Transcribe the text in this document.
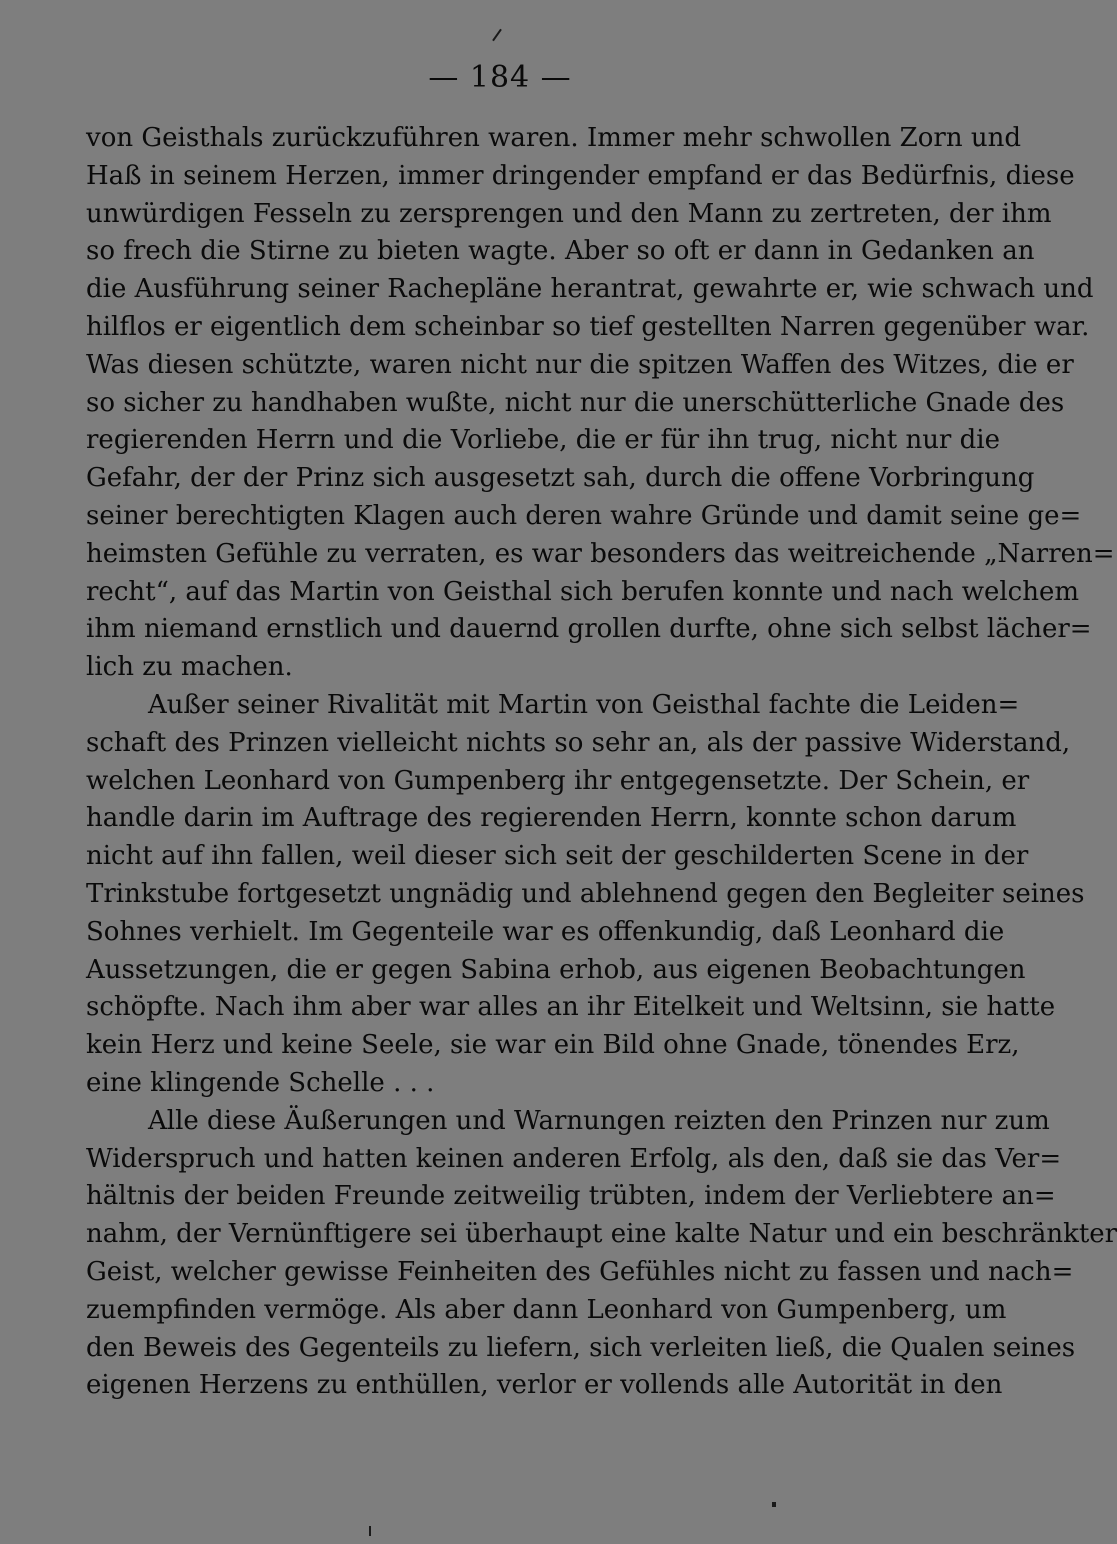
— 184 —
von Geisthals zurückzuführen waren. Immer mehr schwollen Zorn und
Haß in seinem Herzen, immer dringender empfand er das Bedürfnis, diese
unwürdigen Fesseln zu zersprengen und den Mann zu zertreten, der ihm
so frech die Stirne zu bieten wagte. Aber so oft er dann in Gedanken an
die Ausführung seiner Rachepläne herantrat, gewahrte er, wie schwach und
hilflos er eigentlich dem scheinbar so tief gestellten Narren gegenüber war.
Was diesen schützte, waren nicht nur die spitzen Waffen des Witzes, die er
so sicher zu handhaben wußte, nicht nur die unerschütterliche Gnade des
regierenden Herrn und die Vorliebe, die er für ihn trug, nicht nur die
Gefahr, der der Prinz sich ausgesetzt sah, durch die offene Vorbringung
seiner berechtigten Klagen auch deren wahre Gründe und damit seine ge=
heimsten Gefühle zu verraten, es war besonders das weitreichende „Narren=
recht“, auf das Martin von Geisthal sich berufen konnte und nach welchem
ihm niemand ernstlich und dauernd grollen durfte, ohne sich selbst lächer=
lich zu machen.
Außer seiner Rivalität mit Martin von Geisthal fachte die Leiden=
schaft des Prinzen vielleicht nichts so sehr an, als der passive Widerstand,
welchen Leonhard von Gumpenberg ihr entgegensetzte. Der Schein, er
handle darin im Auftrage des regierenden Herrn, konnte schon darum
nicht auf ihn fallen, weil dieser sich seit der geschilderten Scene in der
Trinkstube fortgesetzt ungnädig und ablehnend gegen den Begleiter seines
Sohnes verhielt. Im Gegenteile war es offenkundig, daß Leonhard die
Aussetzungen, die er gegen Sabina erhob, aus eigenen Beobachtungen
schöpfte. Nach ihm aber war alles an ihr Eitelkeit und Weltsinn, sie hatte
kein Herz und keine Seele, sie war ein Bild ohne Gnade, tönendes Erz,
eine klingende Schelle . . .
Alle diese Äußerungen und Warnungen reizten den Prinzen nur zum
Widerspruch und hatten keinen anderen Erfolg, als den, daß sie das Ver=
hältnis der beiden Freunde zeitweilig trübten, indem der Verliebtere an=
nahm, der Vernünftigere sei überhaupt eine kalte Natur und ein beschränkter
Geist, welcher gewisse Feinheiten des Gefühles nicht zu fassen und nach=
zuempfinden vermöge. Als aber dann Leonhard von Gumpenberg, um
den Beweis des Gegenteils zu liefern, sich verleiten ließ, die Qualen seines
eigenen Herzens zu enthüllen, verlor er vollends alle Autorität in den
